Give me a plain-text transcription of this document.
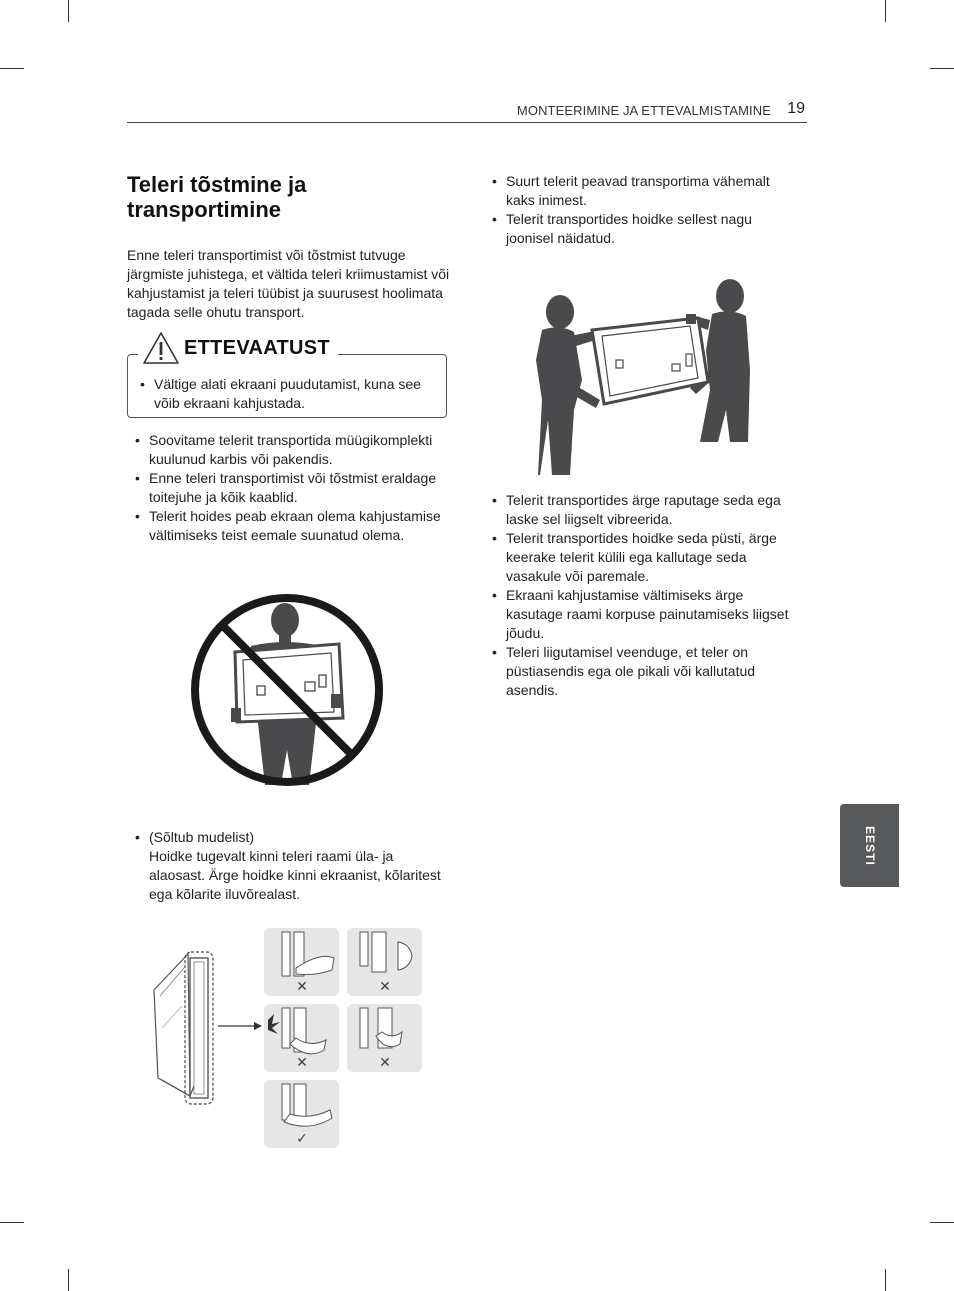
MONTEERIMINE JA ETTEVALMISTAMINE 19
Teleri tõstmine ja transportimine

Enne teleri transportimist või tõstmist tutvuge järgmiste juhistega, et vältida teleri kriimustamist või kahjustamist ja teleri tüübist ja suurusest hoolimata tagada selle ohutu transport.

ETTEVAATUST
• Vältige alati ekraani puudutamist, kuna see võib ekraani kahjustada.
• Soovitame telerit transportida müügikomplekti kuulunud karbis või pakendis.
• Enne teleri transportimist või tõstmist eraldage toitejuhe ja kõik kaablid.
• Telerit hoides peab ekraan olema kahjustamise vältimiseks teist eemale suunatud olema.
• (Sõltub mudelist)
Hoidke tugevalt kinni teleri raami üla- ja alaosast. Ärge hoidke kinni ekraanist, kõlaritest ega kõlarite iluvõrealast.
✕	✕
✕	✕
✓
• Suurt telerit peavad transportima vähemalt kaks inimest.
• Telerit transportides hoidke sellest nagu joonisel näidatud.
• Telerit transportides ärge raputage seda ega laske sel liigselt vibreerida.
• Telerit transportides hoidke seda püsti, ärge keerake telerit külili ega kallutage seda vasakule või paremale.
• Ekraani kahjustamise vältimiseks ärge kasutage raami korpuse painutamiseks liigset jõudu.
• Teleri liigutamisel veenduge, et teler on püstiasendis ega ole pikali või kallutatud asendis.
EESTI
